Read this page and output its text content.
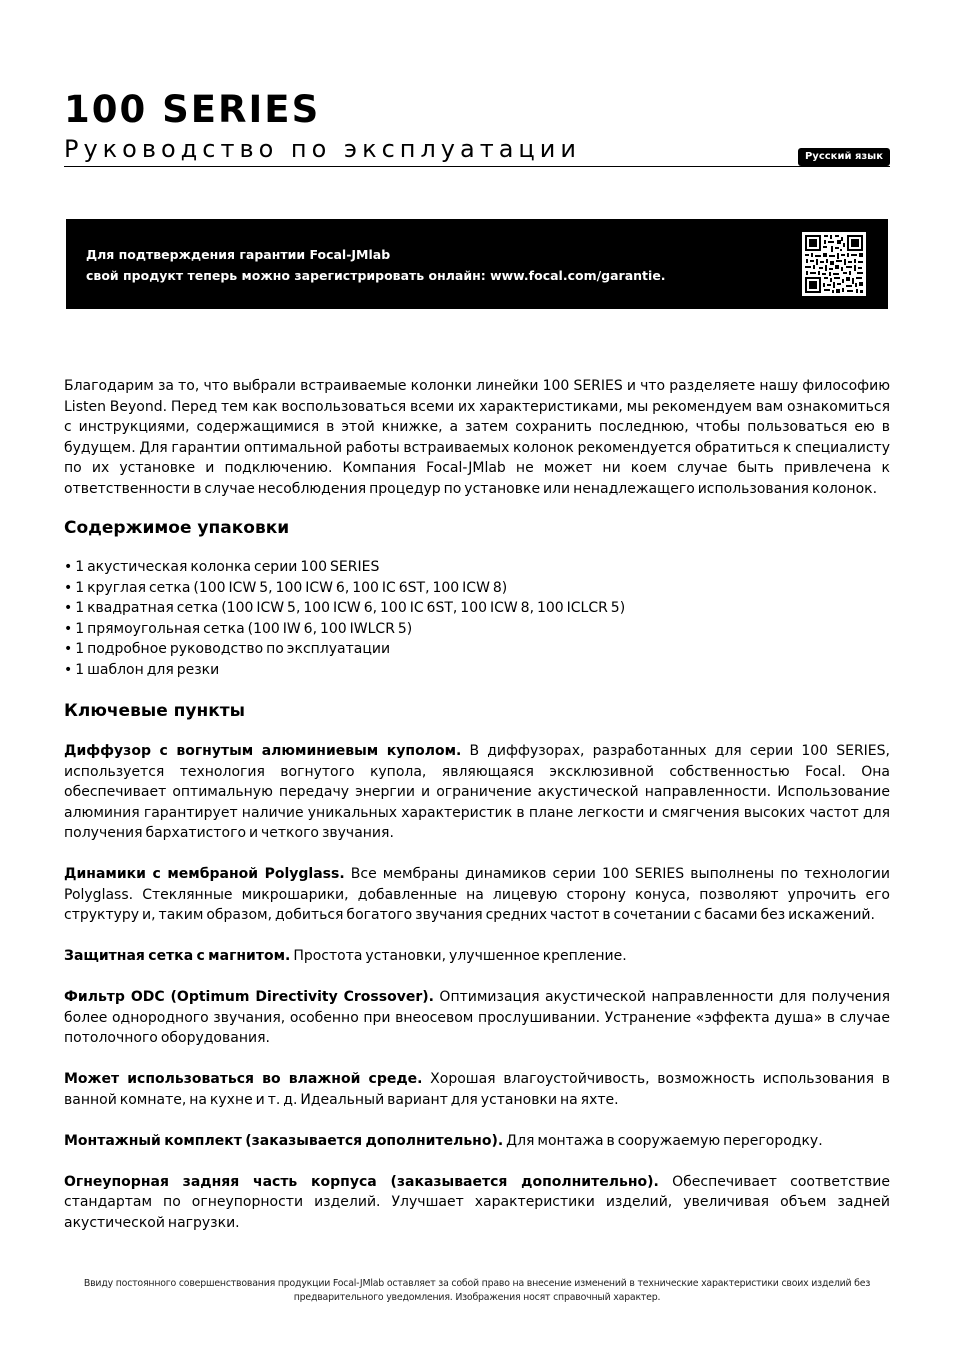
100 SERIES
Руководство по эксплуатации	Русский язык
Для подтверждения гарантии Focal-JMlab
свой продукт теперь можно зарегистрировать онлайн: www.focal.com/garantie.

Благодарим за то, что выбрали встраиваемые колонки линейки 100 SERIES и что разделяете нашу философию Listen Beyond. Перед тем как воспользоваться всеми их характеристиками, мы рекомендуем вам ознакомиться с инструкциями, содержащимися в этой книжке, а затем сохранить последнюю, чтобы пользоваться ею в будущем. Для гарантии оптимальной работы встраиваемых колонок рекомендуется обратиться к специалисту по их установке и подключению. Компания Focal-JMlab не может ни коем случае быть привлечена к ответственности в случае несоблюдения процедур по установке или ненадлежащего использования колонок.

Содержимое упаковки
• 1 акустическая колонка серии 100 SERIES
• 1 круглая сетка (100 ICW 5, 100 ICW 6, 100 IC 6ST, 100 ICW 8)
• 1 квадратная сетка (100 ICW 5, 100 ICW 6, 100 IC 6ST, 100 ICW 8, 100 ICLCR 5)
• 1 прямоугольная сетка (100 IW 6, 100 IWLCR 5)
• 1 подробное руководство по эксплуатации
• 1 шаблон для резки
Ключевые пункты

Диффузор с вогнутым алюминиевым куполом. В диффузорах, разработанных для серии 100 SERIES, используется технология вогнутого купола, являющаяся эксклюзивной собственностью Focal. Она обеспечивает оптимальную передачу энергии и ограничение акустической направленности. Использование алюминия гарантирует наличие уникальных характеристик в плане легкости и смягчения высоких частот для получения бархатистого и четкого звучания.

Динамики с мембраной Polyglass. Все мембраны динамиков серии 100 SERIES выполнены по технологии Polyglass. Стеклянные микрошарики, добавленные на лицевую сторону конуса, позволяют упрочить его структуру и, таким образом, добиться богатого звучания средних частот в сочетании с басами без искажений.

Защитная сетка с магнитом. Простота установки, улучшенное крепление.

Фильтр ODC (Optimum Directivity Crossover). Оптимизация акустической направленности для получения более однородного звучания, особенно при внеосевом прослушивании. Устранение «эффекта душа» в случае потолочного оборудования.

Может использоваться во влажной среде. Хорошая влагоустойчивость, возможность использования в ванной комнате, на кухне и т. д. Идеальный вариант для установки на яхте.

Монтажный комплект (заказывается дополнительно). Для монтажа в сооружаемую перегородку.

Огнеупорная задняя часть корпуса (заказывается дополнительно). Обеспечивает соответствие стандартам по огнеупорности изделий. Улучшает характеристики изделий, увеличивая объем задней акустической нагрузки.

Ввиду постоянного совершенствования продукции Focal-JMlab оставляет за собой право на внесение изменений в технические характеристики своих изделий без предварительного уведомления. Изображения носят справочный характер.
